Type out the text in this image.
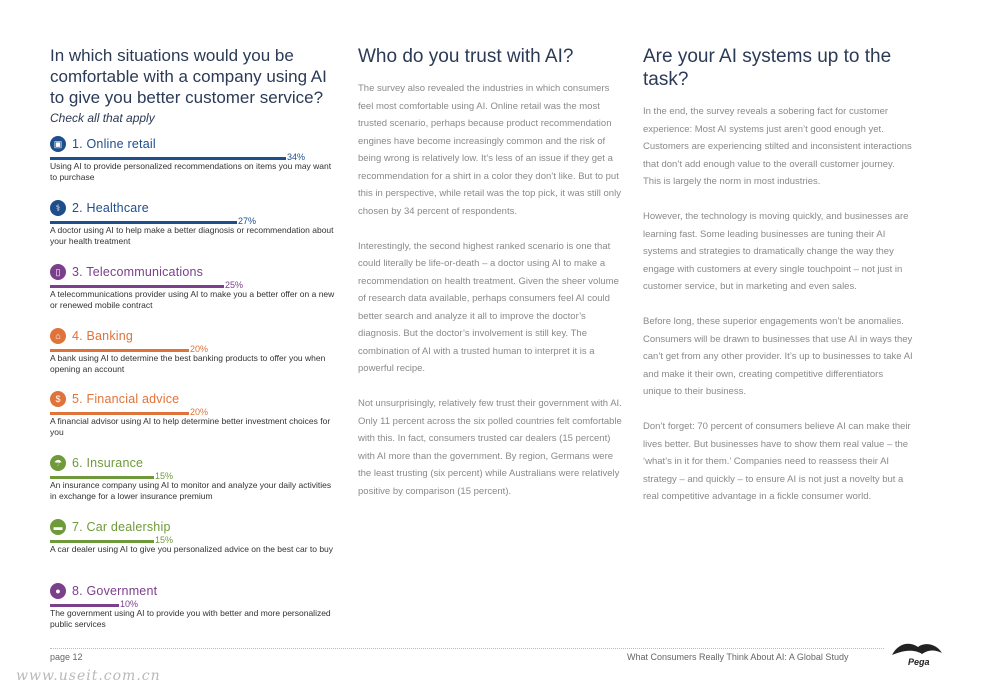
In which situations would you be comfortable with a company using AI to give you better customer service?

Check all that apply

▣ 1. Online retail
34%
Using AI to provide personalized recommendations on items you may want to purchase
⚕ 2. Healthcare
27%
A doctor using AI to help make a better diagnosis or recommendation about your health treatment
▯ 3. Telecommunications
25%
A telecommunications provider using AI to make you a better offer on a new or renewed mobile contract
⌂ 4. Banking
20%
A bank using AI to determine the best banking products to offer you when opening an account
$ 5. Financial advice
20%
A financial advisor using AI to help determine better investment choices for you
☂ 6. Insurance
15%
An insurance company using AI to monitor and analyze your daily activities in exchange for a lower insurance premium
▬ 7. Car dealership
15%
A car dealer using AI to give you personalized advice on the best car to buy
● 8. Government
10%
The government using AI to provide you with better and more personalized public services
Who do you trust with AI?

The survey also revealed the industries in which consumers feel most comfortable using AI. Online retail was the most trusted scenario, perhaps because product recommendation engines have become increasingly common and the risk of being wrong is relatively low. It’s less of an issue if they get a recommendation for a shirt in a color they don’t like. But to put this in perspective, while retail was the top pick, it was still only chosen by 34 percent of respondents.

Interestingly, the second highest ranked scenario is one that could literally be life-or-death – a doctor using AI to make a recommendation on health treatment. Given the sheer volume of research data available, perhaps consumers feel AI could better search and analyze it all to improve the doctor’s diagnosis. But the doctor’s involvement is still key. The combination of AI with a trusted human to interpret it is a powerful recipe.

Not unsurprisingly, relatively few trust their government with AI. Only 11 percent across the six polled countries felt comfortable with this. In fact, consumers trusted car dealers (15 percent) with AI more than the government. By region, Germans were the least trusting (six percent) while Australians were relatively positive by comparison (15 percent).

Are your AI systems up to the task?

In the end, the survey reveals a sobering fact for customer experience: Most AI systems just aren’t good enough yet. Customers are experiencing stilted and inconsistent interactions that don’t add enough value to the overall customer journey. This is largely the norm in most industries.

However, the technology is moving quickly, and businesses are learning fast. Some leading businesses are tuning their AI systems and strategies to dramatically change the way they engage with customers at every single touchpoint – not just in customer service, but in marketing and even sales.

Before long, these superior engagements won’t be anomalies. Consumers will be drawn to businesses that use AI in ways they can’t get from any other provider. It’s up to businesses to take AI and make it their own, creating competitive differentiators unique to their business.

Don’t forget: 70 percent of consumers believe AI can make their lives better. But businesses have to show them real value – the ‘what’s in it for them.’ Companies need to reassess their AI strategy – and quickly – to ensure AI is not just a novelty but a real competitive advantage in a fickle consumer world.

page 12	What Consumers Really Think About AI: A Global Study	Pega
www.useit.com.cn
